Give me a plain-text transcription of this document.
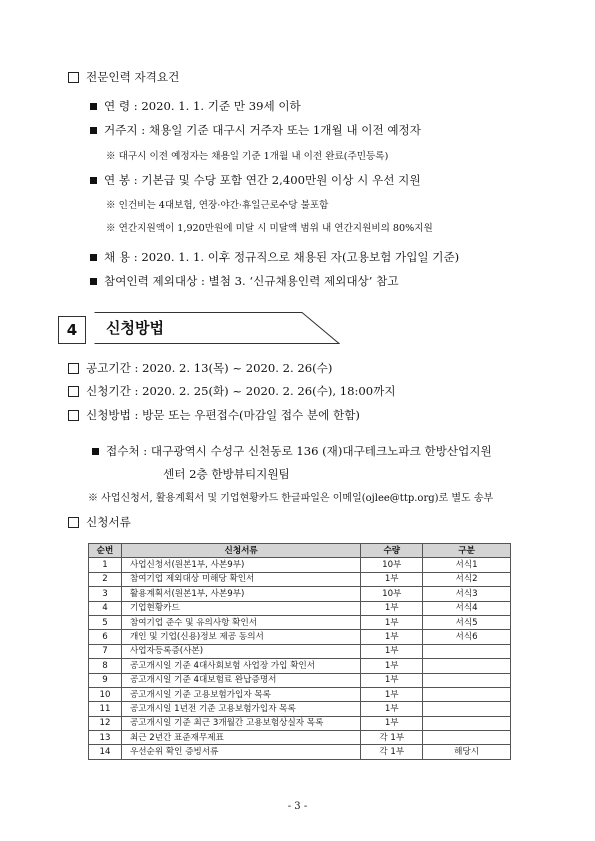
전문인력 자격요건
연 령 : 2020. 1. 1. 기준 만 39세 이하
거주지 : 채용일 기준 대구시 거주자 또는 1개월 내 이전 예정자
※ 대구시 이전 예정자는 채용일 기준 1개월 내 이전 완료(주민등록)
연 봉 : 기본급 및 수당 포함 연간 2,400만원 이상 시 우선 지원
※ 인건비는 4대보험, 연장·야간·휴일근로수당 불포함
※ 연간지원액이 1,920만원에 미달 시 미달액 범위 내 연간지원비의 80%지원
채 용 : 2020. 1. 1. 이후 정규직으로 채용된 자(고용보험 가입일 기준)
참여인력 제외대상 : 별첨 3. ‘신규채용인력 제외대상’ 참고
4	신청방법
공고기간 : 2020. 2. 13(목) ~ 2020. 2. 26(수)
신청기간 : 2020. 2. 25(화) ~ 2020. 2. 26(수), 18:00까지
신청방법 : 방문 또는 우편접수(마감일 접수 분에 한함)
접수처 : 대구광역시 수성구 신천동로 136 (재)대구테크노파크 한방산업지원
센터 2층 한방뷰티지원팀
※ 사업신청서, 활용계획서 및 기업현황카드 한글파일은 이메일(ojlee@ttp.org)로 별도 송부
신청서류
순번	신청서류	수량	구분
1	사업신청서(원본1부, 사본9부)	10부	서식1
2	참여기업 제외대상 미해당 확인서	1부	서식2
3	활용계획서(원본1부, 사본9부)	10부	서식3
4	기업현황카드	1부	서식4
5	참여기업 준수 및 유의사항 확인서	1부	서식5
6	개인 및 기업(신용)정보 제공 동의서	1부	서식6
7	사업자등록증(사본)	1부	
8	공고개시일 기준 4대사회보험 사업장 가입 확인서	1부	
9	공고개시일 기준 4대보험료 완납증명서	1부	
10	공고개시일 기준 고용보험가입자 목록	1부	
11	공고개시일 1년전 기준 고용보험가입자 목록	1부	
12	공고개시일 기준 최근 3개월간 고용보험상실자 목록	1부	
13	최근 2년간 표준재무제표	각 1부	
14	우선순위 확인 증빙서류	각 1부	해당시
- 3 -
